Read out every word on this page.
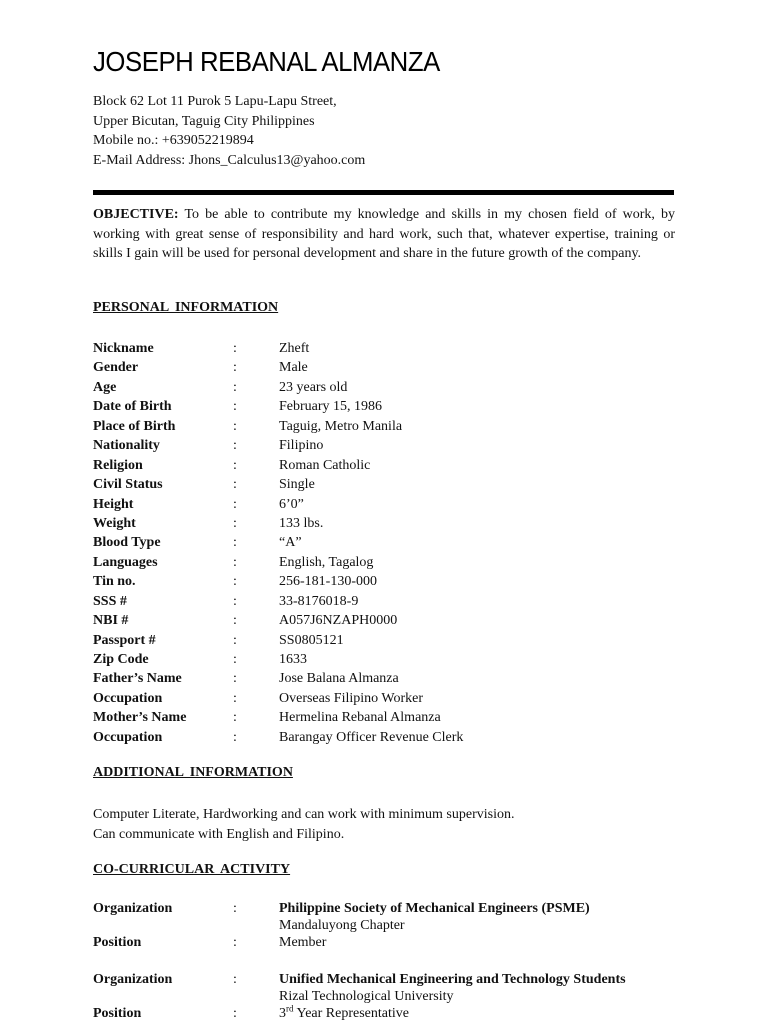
JOSEPH REBANAL ALMANZA
Block 62 Lot 11 Purok 5 Lapu-Lapu Street,
Upper Bicutan, Taguig City Philippines
Mobile no.: +639052219894
E-Mail Address: Jhons_Calculus13@yahoo.com

OBJECTIVE: To be able to contribute my knowledge and skills in my chosen field of work, by working with great sense of responsibility and hard work, such that, whatever expertise, training or skills I gain will be used for personal development and share in the future growth of the company.

PERSONAL INFORMATION
Nickname	:	Zheft
Gender	:	Male
Age	:	23 years old
Date of Birth	:	February 15, 1986
Place of Birth	:	Taguig, Metro Manila
Nationality	:	Filipino
Religion	:	Roman Catholic
Civil Status	:	Single
Height	:	6’0”
Weight	:	133 lbs.
Blood Type	:	“A”
Languages	:	English, Tagalog
Tin no.	:	256-181-130-000
SSS #	:	33-8176018-9
NBI #	:	A057J6NZAPH0000
Passport #	:	SS0805121
Zip Code	:	1633
Father’s Name	:	Jose Balana Almanza
Occupation	:	Overseas Filipino Worker
Mother’s Name	:	Hermelina Rebanal Almanza
Occupation	:	Barangay Officer Revenue Clerk
ADDITIONAL INFORMATION
Computer Literate, Hardworking and can work with minimum supervision.
Can communicate with English and Filipino.
CO-CURRICULAR ACTIVITY
Organization	:	Philippine Society of Mechanical Engineers (PSME)
Mandaluyong Chapter
Position	:	Member
Organization	:	Unified Mechanical Engineering and Technology Students
Rizal Technological University
Position	:	3rd Year Representative
